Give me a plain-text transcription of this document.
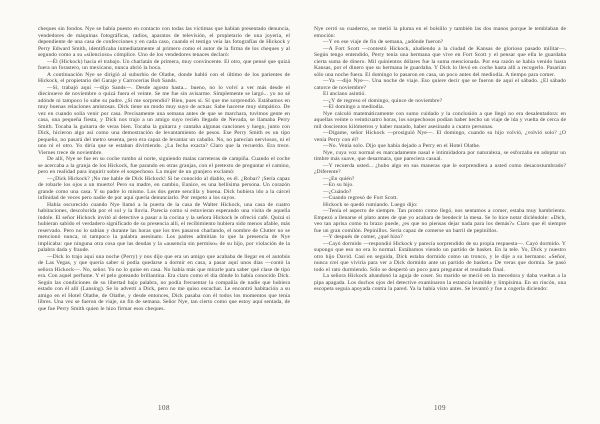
cheques sin fondos. Nye se había puesto en contacto con todas las víctimas que habían presentado denuncia, vendedores de máquinas fotográficas, radios, aparatos de televisión, el propietario de una joyería, el dependiente de una casa de confecciones y en cada caso, cuando el testigo veía las fotografías de Hickock y Perry Edward Smith, identificaba inmediatamente al primero como el autor de la firma de los cheques y al segundo como a su «silencioso» cómplice. Uno de los vendedores tenaces declaró:

—Él (Hickock) hacía el trabajo. Un charlatán de primera, muy convincente. El otro, que pensé que quizá fuera un forastero, un mexicano, nunca abrió la boca.

A continuación Nye se dirigió al suburbio de Olathe, donde habló con el último de los parientes de Hickock, el propietario del Garaje y Carrocerías Bob Sands.

—Sí, trabajó aquí —dijo Sands—. Desde agosto hasta... bueno, no lo volví a ver más desde el diecinueve de noviembre o quizá fuera el veinte. Se me fue sin avisarme. Simplemente se largó... yo no sé adónde ni tampoco lo sabe su padre. ¿Si me sorprendió? Bien, pues sí. Sí que me sorprendió. Estábamos en muy buenas relaciones amistosas. Dick tiene un modo muy suyo de actuar. Sabe hacerse muy simpático. De vez en cuando solía venir por casa. Precisamente una semana antes de que se marchara, tuvimos gente en casa, una pequeña fiesta, y Dick nos trajo a un amigo suyo recién llegado de Nevada, se llamaba Perry Smith. Tocaba la guitarra de veras bien. Tocaba la guitarra y cantaba algunas canciones y luego, junto con Dick, hicieron algo así como una demostración de levantamiento de pesos. Ese Perry Smith es un tipo pequeño, no pasará del metro sesenta, pero era capaz de levantar un caballo. No, no parecían nerviosos, ni el uno ni el otro. Yo diría que se estaban divirtiendo. ¿La fecha exacta? Claro que la recuerdo. Era trece. Viernes trece de noviembre.

De allí, Nye se fue en su coche rumbo al norte, siguiendo malas carreteras de campiña. Cuando el coche se acercaba a la granja de los Hickock, fue parando en otras granjas, con el pretexto de preguntar el camino, pero en realidad para inquirir sobre el sospechoso. La mujer de un granjero exclamó:

—¿Dick Hickock? ¡No me hable de Dick Hickock! Si he conocido al diablo, es él. ¿Robar? ¡Sería capaz de robarle los ojos a un muerto! Pero su madre, en cambio, Eunice, es una bellísima persona. Un corazón grande como una casa. Y su padre lo mismo. Los dos gente sencilla y buena. Dick hubiera ido a la cárcel infinidad de veces pero nadie de por aquí quería denunciarlo. Por respeto a los suyos.

Había oscurecido cuando Nye llamó a la puerta de la casa de Walter Hickock, una casa de cuatro habitaciones, descolorida por el sol y la lluvia. Parecía como si estuvieran esperando una visita de aquella índole. El señor Hickock invitó al detective a pasar a la cocina y la señora Hickock le ofreció café. Quizá si hubieran sabido el verdadero significado de su presencia allí, el recibimiento hubiera sido menos afable, más reservado. Pero no lo sabían y durante las horas que los tres pasaron charlando, el nombre de Clutter no se mencionó nunca, ni tampoco la palabra asesinato. Los padres admitían lo que la presencia de Nye implicaba: que ninguna otra cosa que las deudas y la «ausencia sin permiso» de su hijo, por violación de la palabra dada y fraude.

—Dick lo trajo aquí una noche (Perry) y nos dijo que era un amigo que acababa de llegar en el autobús de Las Vegas, y que quería saber si podía quedarse a dormir en casa, a pasar aquí unos días —contó la señora Hickock—. No, señor. Yo no lo quise en casa. No había más que mirarle para saber qué clase de tipo era. Con aquel perfume. Y el pelo goteando brillantina. Era claro como el día dónde lo había conocido Dick. Según las condiciones de su libertad bajo palabra, no podía frecuentar la compañía de nadie que hubiera estado con él allí (Lansing). Se lo advertí a Dick, pero no me quiso escuchar. Le encontró habitación a su amigo en el Hotel Olathe, de Olathe, y desde entonces, Dick pasaba con él todos los momentos que tenía libres. Una vez se fueron de viaje, un fin de semana. Señor Nye, tan cierto como que estoy aquí sentada, de que fue Perry Smith quien le hizo firmar esos cheques.

108

Nye cerró su cuaderno, se metió la pluma en el bolsillo y también las dos manos porque le temblaban de emoción:

—Y en ese viaje de fin de semana, ¿adónde fueron?

—A Fort Scott —contestó Hickock, aludiendo a la ciudad de Kansas de glorioso pasado militar—. Según tengo entendido, Perry tenía una hermana que vive en Fort Scott y el pensar que ella le guardaba cierta suma de dinero. Mil quinientos dólares fue la suma mencionada. Por esa razón se había venido hasta Kansas, por el dinero que su hermana le guardaba. Y Dick lo llevó en coche hasta allí a recogerlo. Pasarían sólo una noche fuera. El domingo lo pasaron en casa, un poco antes del mediodía. A tiempo para comer.

—Ya —dijo Nye—. Una noche de viaje. Eso quiere decir que se fueron de aquí el sábado. ¿El sábado catorce de noviembre?

El anciano asintió.

—¿Y de regreso el domingo, quince de noviembre?

—El domingo a mediodía.

Nye calculó matemáticamente con sumo cuidado y la conclusión a que llegó no era desalentadora: en aquellas veinte o veinticuatro horas, los sospechosos podían haber hecho un viaje de ida y vuelta de cerca de mil doscientos kilómetros y haber matado, haber asesinado a cuatro personas.

—Dígame, señor Hickock —prosiguió Nye—. El domingo, cuando su hijo volvió, ¿volvió solo? ¿O venía Perry con él?

—No. Venía solo. Dijo que había dejado a Perry en el Hotel Olathe.

Nye, cuya voz normal es marcadamente nasal e intimidadora por naturaleza, se esforzaba en adoptar un timbre más suave, que desarmara, que pareciera casual.

—Y recuerda usted... ¿hubo algo en sus maneras que le sorprendiera a usted como desacostumbrado? ¿Diferente?

—¿En quién?

—En su hijo.

—¿Cuándo?

—Cuando regresó de Fort Scott.

Hickock se quedó rumiando. Luego dijo:

—Tenía el aspecto de siempre. Tan pronto como llegó, nos sentamos a comer, estaba muy hambriento. Empezó a llenarse el plato antes de que yo acabara de bendecir la mesa. Se lo hice notar diciéndole: «Dick, veo tan aprisa como tu brazo puede, ¿es que no piensas dejar nada para los demás?» Claro que él siempre fue un gran comilón. Pepinillos. Sería capaz de comerse un barril de pepinillos.

—Y después de comer, ¿qué hizo?

—Cayó dormido —respondió Hickock y parecía sorprendido de su propia respuesta—. Cayó dormido. Y supongo que eso no era lo normal. Estábamos viendo un partido de basket. En la tele. Yo, Dick y nuestro otro hijo David. Casi en seguida, Dick estaba dormido como un tronco, y le dije a su hermano: «Señor, nunca creí que viviría para ver a Dick dormido ante un partido de basket.» De veras que dormía. Se pasó todo el rato durmiendo. Sólo se despertó un poco para preguntar el resultado final.

La señora Hickock abandonó la aguja de coser. Su marido se meció en la mecedora y daba vueltas a la pipa apagada. Los duchos ojos del detective examinaron la estancia humilde y limpísima. En un rincón, una escopeta seguía apoyada contra la pared. Ya la había visto antes. Se levantó y fue a cogerla diciendo:

109
